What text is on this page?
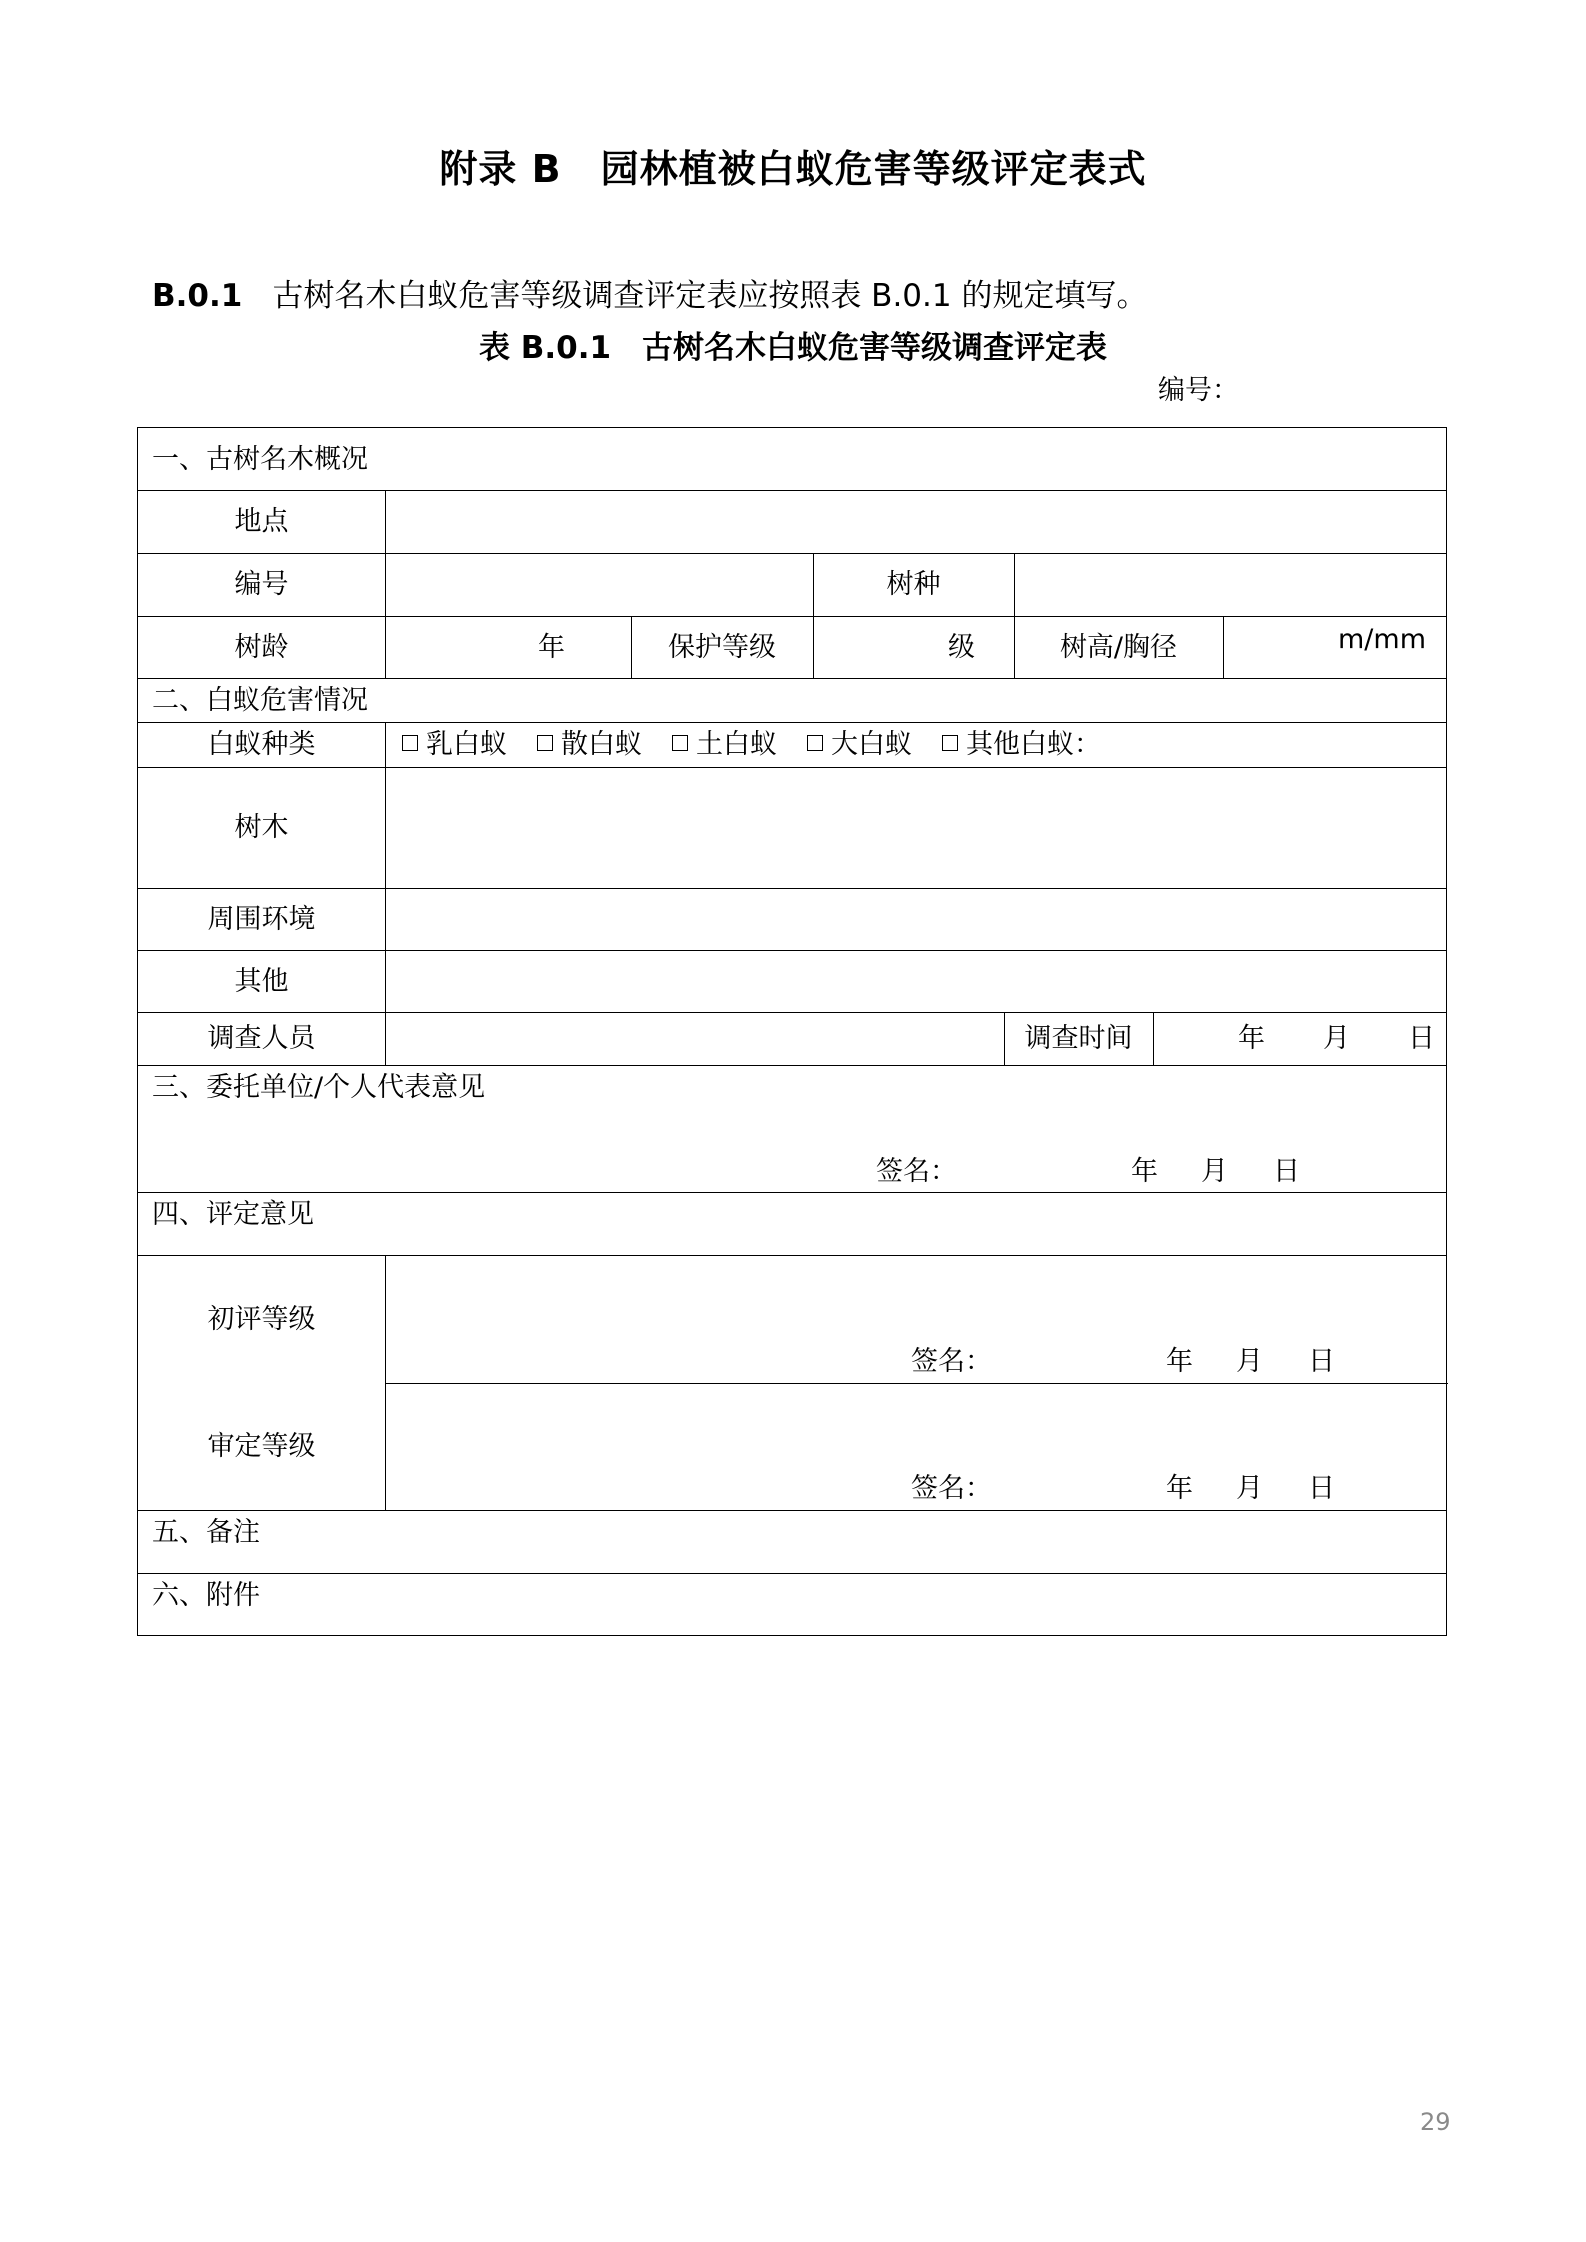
附录 B　园林植被白蚁危害等级评定表式
B.0.1 古树名木白蚁危害等级调查评定表应按照表 B.0.1 的规定填写。
表 B.0.1　古树名木白蚁危害等级调查评定表
编号：
一、古树名木概况
地点
编号	树种
树龄	年	保护等级	级	树高/胸径	m/mm
二、白蚁危害情况
白蚁种类	乳白蚁 散白蚁 土白蚁 大白蚁 其他白蚁：
树木
周围环境
其他
调查人员	调查时间	年 月 日
三、委托单位/个人代表意见
签名：	年 月 日
四、评定意见
初评等级
签名：	年 月 日
审定等级
签名：	年 月 日
五、备注
六、附件
29
